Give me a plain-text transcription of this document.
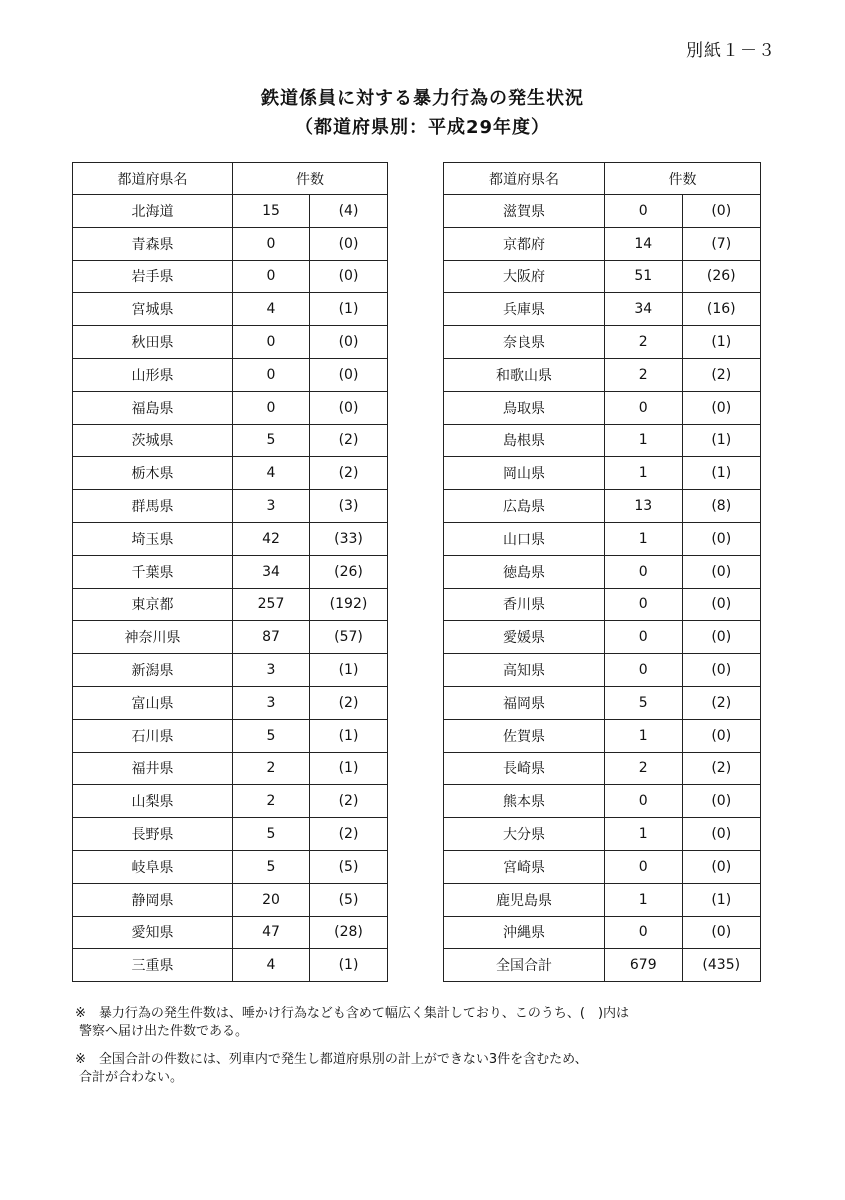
別紙１－３
鉄道係員に対する暴力行為の発生状況
（都道府県別：平成29年度）
都道府県名	件数	
北海道	15	(4)
青森県	0	(0)
岩手県	0	(0)
宮城県	4	(1)
秋田県	0	(0)
山形県	0	(0)
福島県	0	(0)
茨城県	5	(2)
栃木県	4	(2)
群馬県	3	(3)
埼玉県	42	(33)
千葉県	34	(26)
東京都	257	(192)
神奈川県	87	(57)
新潟県	3	(1)
富山県	3	(2)
石川県	5	(1)
福井県	2	(1)
山梨県	2	(2)
長野県	5	(2)
岐阜県	5	(5)
静岡県	20	(5)
愛知県	47	(28)
三重県	4	(1)
都道府県名	件数	
滋賀県	0	(0)
京都府	14	(7)
大阪府	51	(26)
兵庫県	34	(16)
奈良県	2	(1)
和歌山県	2	(2)
鳥取県	0	(0)
島根県	1	(1)
岡山県	1	(1)
広島県	13	(8)
山口県	1	(0)
徳島県	0	(0)
香川県	0	(0)
愛媛県	0	(0)
高知県	0	(0)
福岡県	5	(2)
佐賀県	1	(0)
長崎県	2	(2)
熊本県	0	(0)
大分県	1	(0)
宮崎県	0	(0)
鹿児島県	1	(1)
沖縄県	0	(0)
全国合計	679	(435)
※　暴力行為の発生件数は、唾かけ行為なども含めて幅広く集計しており、このうち、(　)内は
警察へ届け出た件数である。
※　全国合計の件数には、列車内で発生し都道府県別の計上ができない3件を含むため、
合計が合わない。
